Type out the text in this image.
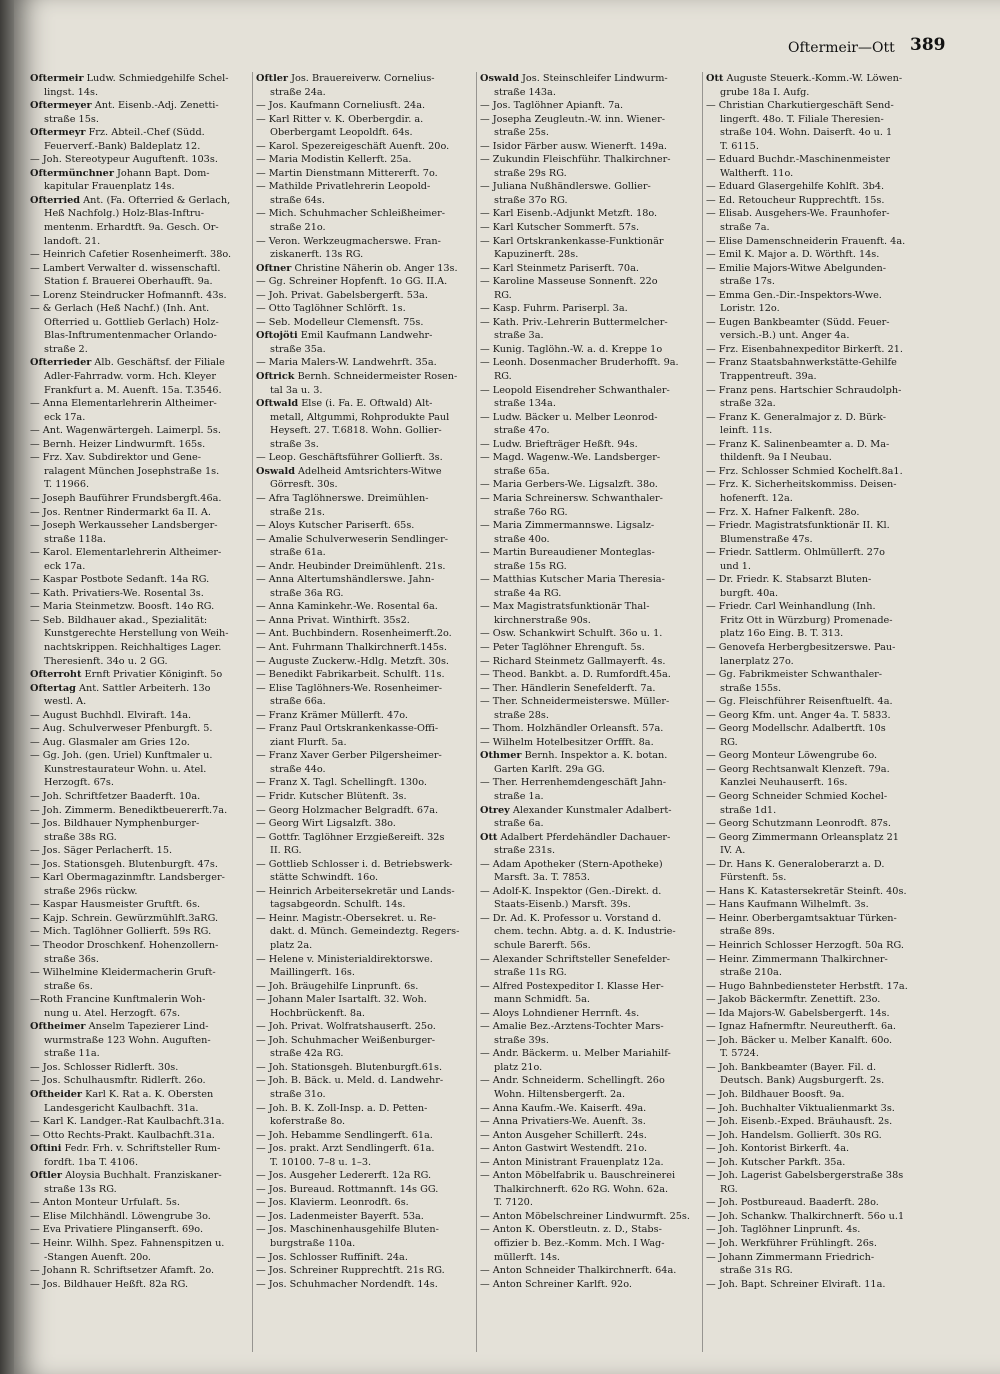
Oftermeir—Ott 389
Oftermeir Ludw. Schmiedgehilfe Schel-
lingst. 14s.
Oftermeyer Ant. Eisenb.-Adj. Zenetti-
straße 15s.
Oftermeyr Frz. Abteil.-Chef (Südd.
Feuerverf.-Bank) Baldeplatz 12.
— Joh. Stereotypeur Auguftenft. 103s.
Oftermünchner Johann Bapt. Dom-
kapitular Frauenplatz 14s.
Ofterried Ant. (Fa. Ofterried & Gerlach,
Heß Nachfolg.) Holz-Blas-Inftru-
mentenm. Erhardtft. 9a. Gesch. Or-
landoft. 21.
— Heinrich Cafetier Rosenheimerft. 38o.
— Lambert Verwalter d. wissenschaftl.
Station f. Brauerei Oberhaufft. 9a.
— Lorenz Steindrucker Hofmannft. 43s.
— & Gerlach (Heß Nachf.) (Inh. Ant.
Ofterried u. Gottlieb Gerlach) Holz-
Blas-Inftrumentenmacher Orlando-
straße 2.
Ofterrieder Alb. Geschäftsf. der Filiale
Adler-Fahrradw. vorm. Hch. Kleyer
Frankfurt a. M. Auenft. 15a. T.3546.
— Anna Elementarlehrerin Altheimer-
eck 17a.
— Ant. Wagenwärtergeh. Laimerpl. 5s.
— Bernh. Heizer Lindwurmft. 165s.
— Frz. Xav. Subdirektor und Gene-
ralagent München Josephstraße 1s.
T. 11966.
— Joseph Bauführer Frundsbergft.46a.
— Jos. Rentner Rindermarkt 6a II. A.
— Joseph Werkausseher Landsberger-
straße 118a.
— Karol. Elementarlehrerin Altheimer-
eck 17a.
— Kaspar Postbote Sedanft. 14a RG.
— Kath. Privatiers-We. Rosental 3s.
— Maria Steinmetzw. Boosft. 14o RG.
— Seb. Bildhauer akad., Spezialität:
Kunstgerechte Herstellung von Weih-
nachtskrippen. Reichhaltiges Lager.
Theresienft. 34o u. 2 GG.
Ofterroht Ernft Privatier Königinft. 5o
Oftertag Ant. Sattler Arbeiterh. 13o
westl. A.
— August Buchhdl. Elviraft. 14a.
— Aug. Schulverweser Pfenburgft. 5.
— Aug. Glasmaler am Gries 12o.
— Gg. Joh. (gen. Uriel) Kunftmaler u.
Kunstrestaurateur Wohn. u. Atel.
Herzogft. 67s.
— Joh. Schriftfetzer Baaderft. 10a.
— Joh. Zimmerm. Benediktbeuererft.7a.
— Jos. Bildhauer Nymphenburger-
straße 38s RG.
— Jos. Säger Perlacherft. 15.
— Jos. Stationsgeh. Blutenburgft. 47s.
— Karl Obermagazinmftr. Landsberger-
straße 296s rückw.
— Kaspar Hausmeister Gruftft. 6s.
— Kajp. Schrein. Gewürzmühlft.3aRG.
— Mich. Taglöhner Gollierft. 59s RG.
— Theodor Droschkenf. Hohenzollern-
straße 36s.
— Wilhelmine Kleidermacherin Gruft-
straße 6s.
—Roth Francine Kunftmalerin Woh-
nung u. Atel. Herzogft. 67s.
Oftheimer Anselm Tapezierer Lind-
wurmstraße 123 Wohn. Auguften-
straße 11a.
— Jos. Schlosser Ridlerft. 30s.
— Jos. Schulhausmftr. Ridlerft. 26o.
Oftheider Karl K. Rat a. K. Obersten
Landesgericht Kaulbachft. 31a.
— Karl K. Landger.-Rat Kaulbachft.31a.
— Otto Rechts-Prakt. Kaulbachft.31a.
Oftini Fedr. Frh. v. Schriftsteller Rum-
fordft. 1ba T. 4106.
Oftler Aloysia Buchhalt. Franziskaner-
straße 13s RG.
— Anton Monteur Urfulaft. 5s.
— Elise Milchhändl. Löwengrube 3o.
— Eva Privatiere Plinganserft. 69o.
— Heinr. Wilhh. Spez. Fahnenspitzen u.
-Stangen Auenft. 20o.
— Johann R. Schriftsetzer Afamft. 2o.
— Jos. Bildhauer Heßft. 82a RG.
Oftler Jos. Brauereiverw. Cornelius-
straße 24a.
— Jos. Kaufmann Corneliusft. 24a.
— Karl Ritter v. K. Oberbergdir. a.
Oberbergamt Leopoldft. 64s.
— Karol. Spezereigeschäft Auenft. 20o.
— Maria Modistin Kellerft. 25a.
— Martin Dienstmann Mittererft. 7o.
— Mathilde Privatlehrerin Leopold-
straße 64s.
— Mich. Schuhmacher Schleißheimer-
straße 21o.
— Veron. Werkzeugmacherswe. Fran-
ziskanerft. 13s RG.
Oftner Christine Näherin ob. Anger 13s.
— Gg. Schreiner Hopfenft. 1o GG. II.A.
— Joh. Privat. Gabelsbergerft. 53a.
— Otto Taglöhner Schlörft. 1s.
— Seb. Modelleur Clemensft. 75s.
Oftojöti Emil Kaufmann Landwehr-
straße 35a.
— Maria Malers-W. Landwehrft. 35a.
Oftrick Bernh. Schneidermeister Rosen-
tal 3a u. 3.
Oftwald Else (i. Fa. E. Oftwald) Alt-
metall, Altgummi, Rohprodukte Paul
Heyseft. 27. T.6818. Wohn. Gollier-
straße 3s.
— Leop. Geschäftsführer Gollierft. 3s.
Oswald Adelheid Amtsrichters-Witwe
Görresft. 30s.
— Afra Taglöhnerswe. Dreimühlen-
straße 21s.
— Aloys Kutscher Pariserft. 65s.
— Amalie Schulverweserin Sendlinger-
straße 61a.
— Andr. Heubinder Dreimühlenft. 21s.
— Anna Altertumshändlerswe. Jahn-
straße 36a RG.
— Anna Kaminkehr.-We. Rosental 6a.
— Anna Privat. Winthirft. 35s2.
— Ant. Buchbindern. Rosenheimerft.2o.
— Ant. Fuhrmann Thalkirchnerft.145s.
— Auguste Zuckerw.-Hdlg. Metzft. 30s.
— Benedikt Fabrikarbeit. Schulft. 11s.
— Elise Taglöhners-We. Rosenheimer-
straße 66a.
— Franz Krämer Müllerft. 47o.
— Franz Paul Ortskrankenkasse-Offi-
ziant Flurft. 5a.
— Franz Xaver Gerber Pilgersheimer-
straße 44o.
— Franz X. Tagl. Schellingft. 130o.
— Fridr. Kutscher Blütenft. 3s.
— Georg Holzmacher Belgradft. 67a.
— Georg Wirt Ligsalzft. 38o.
— Gottfr. Taglöhner Erzgießereift. 32s
II. RG.
— Gottlieb Schlosser i. d. Betriebswerk-
stätte Schwindft. 16o.
— Heinrich Arbeitersekretär und Lands-
tagsabgeordn. Schulft. 14s.
— Heinr. Magistr.-Obersekret. u. Re-
dakt. d. Münch. Gemeindeztg. Regers-
platz 2a.
— Helene v. Ministerialdirektorswe.
Maillingerft. 16s.
— Joh. Bräugehilfe Linprunft. 6s.
— Johann Maler Isartalft. 32. Woh.
Hochbrückenft. 8a.
— Joh. Privat. Wolfratshauserft. 25o.
— Joh. Schuhmacher Weißenburger-
straße 42a RG.
— Joh. Stationsgeh. Blutenburgft.61s.
— Joh. B. Bäck. u. Meld. d. Landwehr-
straße 31o.
— Joh. B. K. Zoll-Insp. a. D. Petten-
koferstraße 8o.
— Joh. Hebamme Sendlingerft. 61a.
— Jos. prakt. Arzt Sendlingerft. 61a.
T. 10100. 7–8 u. 1–3.
— Jos. Ausgeher Ledererft. 12a RG.
— Jos. Bureaud. Rottmannft. 14s GG.
— Jos. Klavierm. Leonrodft. 6s.
— Jos. Ladenmeister Bayerft. 53a.
— Jos. Maschinenhausgehilfe Bluten-
burgstraße 110a.
— Jos. Schlosser Ruffinift. 24a.
— Jos. Schreiner Rupprechtft. 21s RG.
— Jos. Schuhmacher Nordendft. 14s.
Oswald Jos. Steinschleifer Lindwurm-
straße 143a.
— Jos. Taglöhner Apianft. 7a.
— Josepha Zeugleutn.-W. inn. Wiener-
straße 25s.
— Isidor Färber ausw. Wienerft. 149a.
— Zukundin Fleischführ. Thalkirchner-
straße 29s RG.
— Juliana Nußhändlerswe. Gollier-
straße 37o RG.
— Karl Eisenb.-Adjunkt Metzft. 18o.
— Karl Kutscher Sommerft. 57s.
— Karl Ortskrankenkasse-Funktionär
Kapuzinerft. 28s.
— Karl Steinmetz Pariserft. 70a.
— Karoline Masseuse Sonnenft. 22o
RG.
— Kasp. Fuhrm. Pariserpl. 3a.
— Kath. Priv.-Lehrerin Buttermelcher-
straße 3a.
— Kunig. Taglöhn.-W. a. d. Kreppe 1o
— Leonh. Dosenmacher Bruderhofft. 9a.
RG.
— Leopold Eisendreher Schwanthaler-
straße 134a.
— Ludw. Bäcker u. Melber Leonrod-
straße 47o.
— Ludw. Briefträger Heßft. 94s.
— Magd. Wagenw.-We. Landsberger-
straße 65a.
— Maria Gerbers-We. Ligsalzft. 38o.
— Maria Schreinersw. Schwanthaler-
straße 76o RG.
— Maria Zimmermannswe. Ligsalz-
straße 40o.
— Martin Bureaudiener Monteglas-
straße 15s RG.
— Matthias Kutscher Maria Theresia-
straße 4a RG.
— Max Magistratsfunktionär Thal-
kirchnerstraße 90s.
— Osw. Schankwirt Schulft. 36o u. 1.
— Peter Taglöhner Ehrenguft. 5s.
— Richard Steinmetz Gallmayerft. 4s.
— Theod. Bankbt. a. D. Rumfordft.45a.
— Ther. Händlerin Senefelderft. 7a.
— Ther. Schneidermeisterswe. Müller-
straße 28s.
— Thom. Holzhändler Orleansft. 57a.
— Wilhelm Hotelbesitzer Orffft. 8a.
Othmer Bernh. Inspektor a. K. botan.
Garten Karlft. 29a GG.
— Ther. Herrenhemdengeschäft Jahn-
straße 1a.
Otrey Alexander Kunstmaler Adalbert-
straße 6a.
Ott Adalbert Pferdehändler Dachauer-
straße 231s.
— Adam Apotheker (Stern-Apotheke)
Marsft. 3a. T. 7853.
— Adolf-K. Inspektor (Gen.-Direkt. d.
Staats-Eisenb.) Marsft. 39s.
— Dr. Ad. K. Professor u. Vorstand d.
chem. techn. Abtg. a. d. K. Industrie-
schule Barerft. 56s.
— Alexander Schriftsteller Senefelder-
straße 11s RG.
— Alfred Postexpeditor I. Klasse Her-
mann Schmidft. 5a.
— Aloys Lohndiener Herrnft. 4s.
— Amalie Bez.-Arztens-Tochter Mars-
straße 39s.
— Andr. Bäckerm. u. Melber Mariahilf-
platz 21o.
— Andr. Schneiderm. Schellingft. 26o
Wohn. Hiltensbergerft. 2a.
— Anna Kaufm.-We. Kaiserft. 49a.
— Anna Privatiers-We. Auenft. 3s.
— Anton Ausgeher Schillerft. 24s.
— Anton Gastwirt Westendft. 21o.
— Anton Ministrant Frauenplatz 12a.
— Anton Möbelfabrik u. Bauschreinerei
Thalkirchnerft. 62o RG. Wohn. 62a.
T. 7120.
— Anton Möbelschreiner Lindwurmft. 25s.
— Anton K. Oberstleutn. z. D., Stabs-
offizier b. Bez.-Komm. Mch. I Wag-
müllerft. 14s.
— Anton Schneider Thalkirchnerft. 64a.
— Anton Schreiner Karlft. 92o.
Ott Auguste Steuerk.-Komm.-W. Löwen-
grube 18a I. Aufg.
— Christian Charkutiergeschäft Send-
lingerft. 48o. T. Filiale Theresien-
straße 104. Wohn. Daiserft. 4o u. 1
T. 6115.
— Eduard Buchdr.-Maschinenmeister
Waltherft. 11o.
— Eduard Glasergehilfe Kohlft. 3b4.
— Ed. Retoucheur Rupprechtft. 15s.
— Elisab. Ausgehers-We. Fraunhofer-
straße 7a.
— Elise Damenschneiderin Frauenft. 4a.
— Emil K. Major a. D. Wörthft. 14s.
— Emilie Majors-Witwe Abelgunden-
straße 17s.
— Emma Gen.-Dir.-Inspektors-Wwe.
Loristr. 12o.
— Eugen Bankbeamter (Südd. Feuer-
versich.-B.) unt. Anger 4a.
— Frz. Eisenbahnexpeditor Birkerft. 21.
— Franz Staatsbahnwerkstätte-Gehilfe
Trappentreuft. 39a.
— Franz pens. Hartschier Schraudolph-
straße 32a.
— Franz K. Generalmajor z. D. Bürk-
leinft. 11s.
— Franz K. Salinenbeamter a. D. Ma-
thildenft. 9a I Neubau.
— Frz. Schlosser Schmied Kochelft.8a1.
— Frz. K. Sicherheitskommiss. Deisen-
hofenerft. 12a.
— Frz. X. Hafner Falkenft. 28o.
— Friedr. Magistratsfunktionär II. Kl.
Blumenstraße 47s.
— Friedr. Sattlerm. Ohlmüllerft. 27o
und 1.
— Dr. Friedr. K. Stabsarzt Bluten-
burgft. 40a.
— Friedr. Carl Weinhandlung (Inh.
Fritz Ott in Würzburg) Promenade-
platz 16o Eing. B. T. 313.
— Genovefa Herbergbesitzerswe. Pau-
lanerplatz 27o.
— Gg. Fabrikmeister Schwanthaler-
straße 155s.
— Gg. Fleischführer Reisenftuelft. 4a.
— Georg Kfm. unt. Anger 4a. T. 5833.
— Georg Modellschr. Adalbertft. 10s
RG.
— Georg Monteur Löwengrube 6o.
— Georg Rechtsanwalt Klenzeft. 79a.
Kanzlei Neuhauserft. 16s.
— Georg Schneider Schmied Kochel-
straße 1d1.
— Georg Schutzmann Leonrodft. 87s.
— Georg Zimmermann Orleansplatz 21
IV. A.
— Dr. Hans K. Generaloberarzt a. D.
Fürstenft. 5s.
— Hans K. Katastersekretär Steinft. 40s.
— Hans Kaufmann Wilhelmft. 3s.
— Heinr. Oberbergamtsaktuar Türken-
straße 89s.
— Heinrich Schlosser Herzogft. 50a RG.
— Heinr. Zimmermann Thalkirchner-
straße 210a.
— Hugo Bahnbediensteter Herbstft. 17a.
— Jakob Bäckermftr. Zenettift. 23o.
— Ida Majors-W. Gabelsbergerft. 14s.
— Ignaz Hafnermftr. Neureutherft. 6a.
— Joh. Bäcker u. Melber Kanalft. 60o.
T. 5724.
— Joh. Bankbeamter (Bayer. Fil. d.
Deutsch. Bank) Augsburgerft. 2s.
— Joh. Bildhauer Boosft. 9a.
— Joh. Buchhalter Viktualienmarkt 3s.
— Joh. Eisenb.-Exped. Bräuhausft. 2s.
— Joh. Handelsm. Gollierft. 30s RG.
— Joh. Kontorist Birkerft. 4a.
— Joh. Kutscher Parkft. 35a.
— Joh. Lagerist Gabelsbergerstraße 38s
RG.
— Joh. Postbureaud. Baaderft. 28o.
— Joh. Schankw. Thalkirchnerft. 56o u.1
— Joh. Taglöhner Linprunft. 4s.
— Joh. Werkführer Frühlingft. 26s.
— Johann Zimmermann Friedrich-
straße 31s RG.
— Joh. Bapt. Schreiner Elviraft. 11a.
